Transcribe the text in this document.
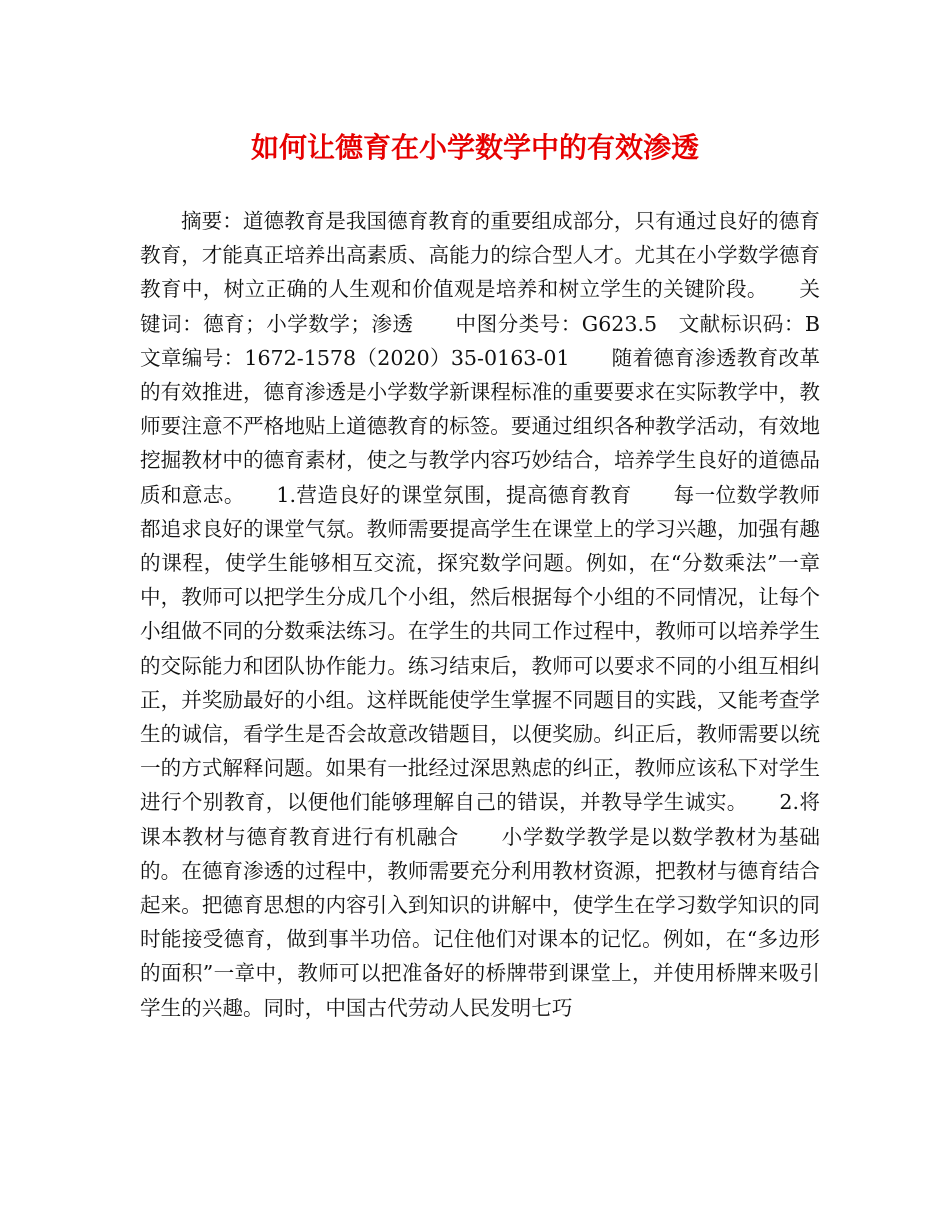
如何让德育在小学数学中的有效渗透

摘要：道德教育是我国德育教育的重要组成部分，只有通过良好的德育教育，才能真正培养出高素质、高能力的综合型人才。尤其在小学数学德育教育中，树立正确的人生观和价值观是培养和树立学生的关键阶段。　　关键词：德育；小学数学；渗透　　中图分类号：G623.5　文献标识码：B　文章编号：1672-1578（2020）35-0163-01　　随着德育渗透教育改革的有效推进，德育渗透是小学数学新课程标准的重要要求在实际教学中，教师要注意不严格地贴上道德教育的标签。要通过组织各种教学活动，有效地挖掘教材中的德育素材，使之与教学内容巧妙结合，培养学生良好的道德品质和意志。　　1.营造良好的课堂氛围，提高德育教育　　每一位数学教师都追求良好的课堂气氛。教师需要提高学生在课堂上的学习兴趣，加强有趣的课程，使学生能够相互交流，探究数学问题。例如，在“分数乘法”一章中，教师可以把学生分成几个小组，然后根据每个小组的不同情况，让每个小组做不同的分数乘法练习。在学生的共同工作过程中，教师可以培养学生的交际能力和团队协作能力。练习结束后，教师可以要求不同的小组互相纠正，并奖励最好的小组。这样既能使学生掌握不同题目的实践，又能考查学生的诚信，看学生是否会故意改错题目，以便奖励。纠正后，教师需要以统一的方式解释问题。如果有一批经过深思熟虑的纠正，教师应该私下对学生进行个别教育，以便他们能够理解自己的错误，并教导学生诚实。　　2.将课本教材与德育教育进行有机融合　　小学数学教学是以数学教材为基础的。在德育渗透的过程中，教师需要充分利用教材资源，把教材与德育结合起来。把德育思想的内容引入到知识的讲解中，使学生在学习数学知识的同时能接受德育，做到事半功倍。记住他们对课本的记忆。例如，在“多边形的面积”一章中，教师可以把准备好的桥牌带到课堂上，并使用桥牌来吸引学生的兴趣。同时，中国古代劳动人民发明七巧
